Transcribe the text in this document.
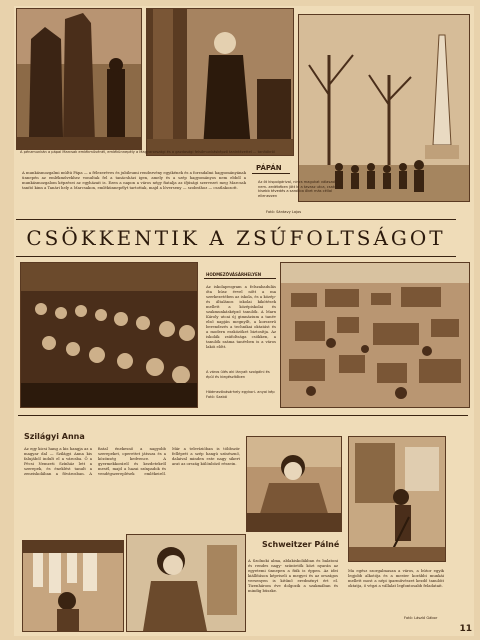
A pénzmunkán a pápai Marcsak emlékművénél, emlékünnepély a Magyarországi és a gazdasági felsőmunkásképző tanintézettel ... tanítókról
PÁPÁN
A munkásmozgalmi múltú Pápa — a félezeréves és jubileumi rendezvény egyikének és a forradalmi hagyományának ünnepén az emlékművekhez vonultak fel a tanácsházi igen, amely és a szép hagyományos nem ebből a munkásmozgalom képzései az egyházait is. Ezen a napon a város négy fiatalja az ifjúsági szervezet meg Marcsak tanító kinn a Tanári hely a Marcsakon, emlékünnepélyt tartottak, majd a lóverseny — szobrához — csatlakozott.
Az öt kispolgárival, nincs magukat válaszolt nem- zedékében jött ki a tavasz utca, csak kisebb tévedés a sarokba őket más céllal ellenezzen
Fotó: Sántavy Lajos
CSÖKKENTIK A ZSÚFOLTSÁGOT
HODMEZŐVÁSÁRHELYEN
Az iskolaprogram a felszabadulás óta húsz évvel nőtt a ma szerkezetében az iskola, és a közép- és általános iskolai kikötések mellett a középiskolai és szakmunkásképző tanulók. A Marx Károly utcai új gimnázium a tanév első napján megnyílt, a korszerű berendezés a technikai oktatást és a modern eszközöket biztosítja. Az iskolák zsúfoltsága csökken, a tanulók száma tanévben is a város lakói előtt.
A város ülés aki lányait szolgálni és épül és kiegészítőben
Hódmezővásárhely egykori- anyai kép Fotó: Szabó
Szilágyi Anna
Az egy kicsi hang a kis hangja az a magyar dal — Szilágyi Anna kis falujából indult el a városba. Ő a Pécsi Nemzeti Színház lett a szerepek, és éneklést tanult a zeneiskolában a fővárosban. A fiatal énekesnő a nagyobb szerepeket, operettet játssza és a közönség kedvence. A gyermekkoráról és kezdetekről mesél, majd a hazai színpadok és vendégszereplések emlékeiről. Már a televízióban is többször fellépett a szép hangú színésznő, dalaival minden este nagy sikert arat az ország különböző részein.
Schweitzer Pálné
A Szolnoki alma, ablakiskolákban és balatoni és rendes nagy- szüntetők közt nyarán az egyetemi ünnepen a fiúk is éppen. Az idei kiállításon képviseli a megyei és az országos versenyen is kitűnő eredményt ért el. Tizenhárom éve dolgozik a szakmában és mindig büszke.
Ma egész szorgalmasan a város, a bútor egyik legjobb alkotója és a mester korábbi munkái mellett most a népi iparművészet kezdő tanulóit oktatja, ő végzi a vállalat legfontosabb feladatait.
Fotó: László Gábor
11
